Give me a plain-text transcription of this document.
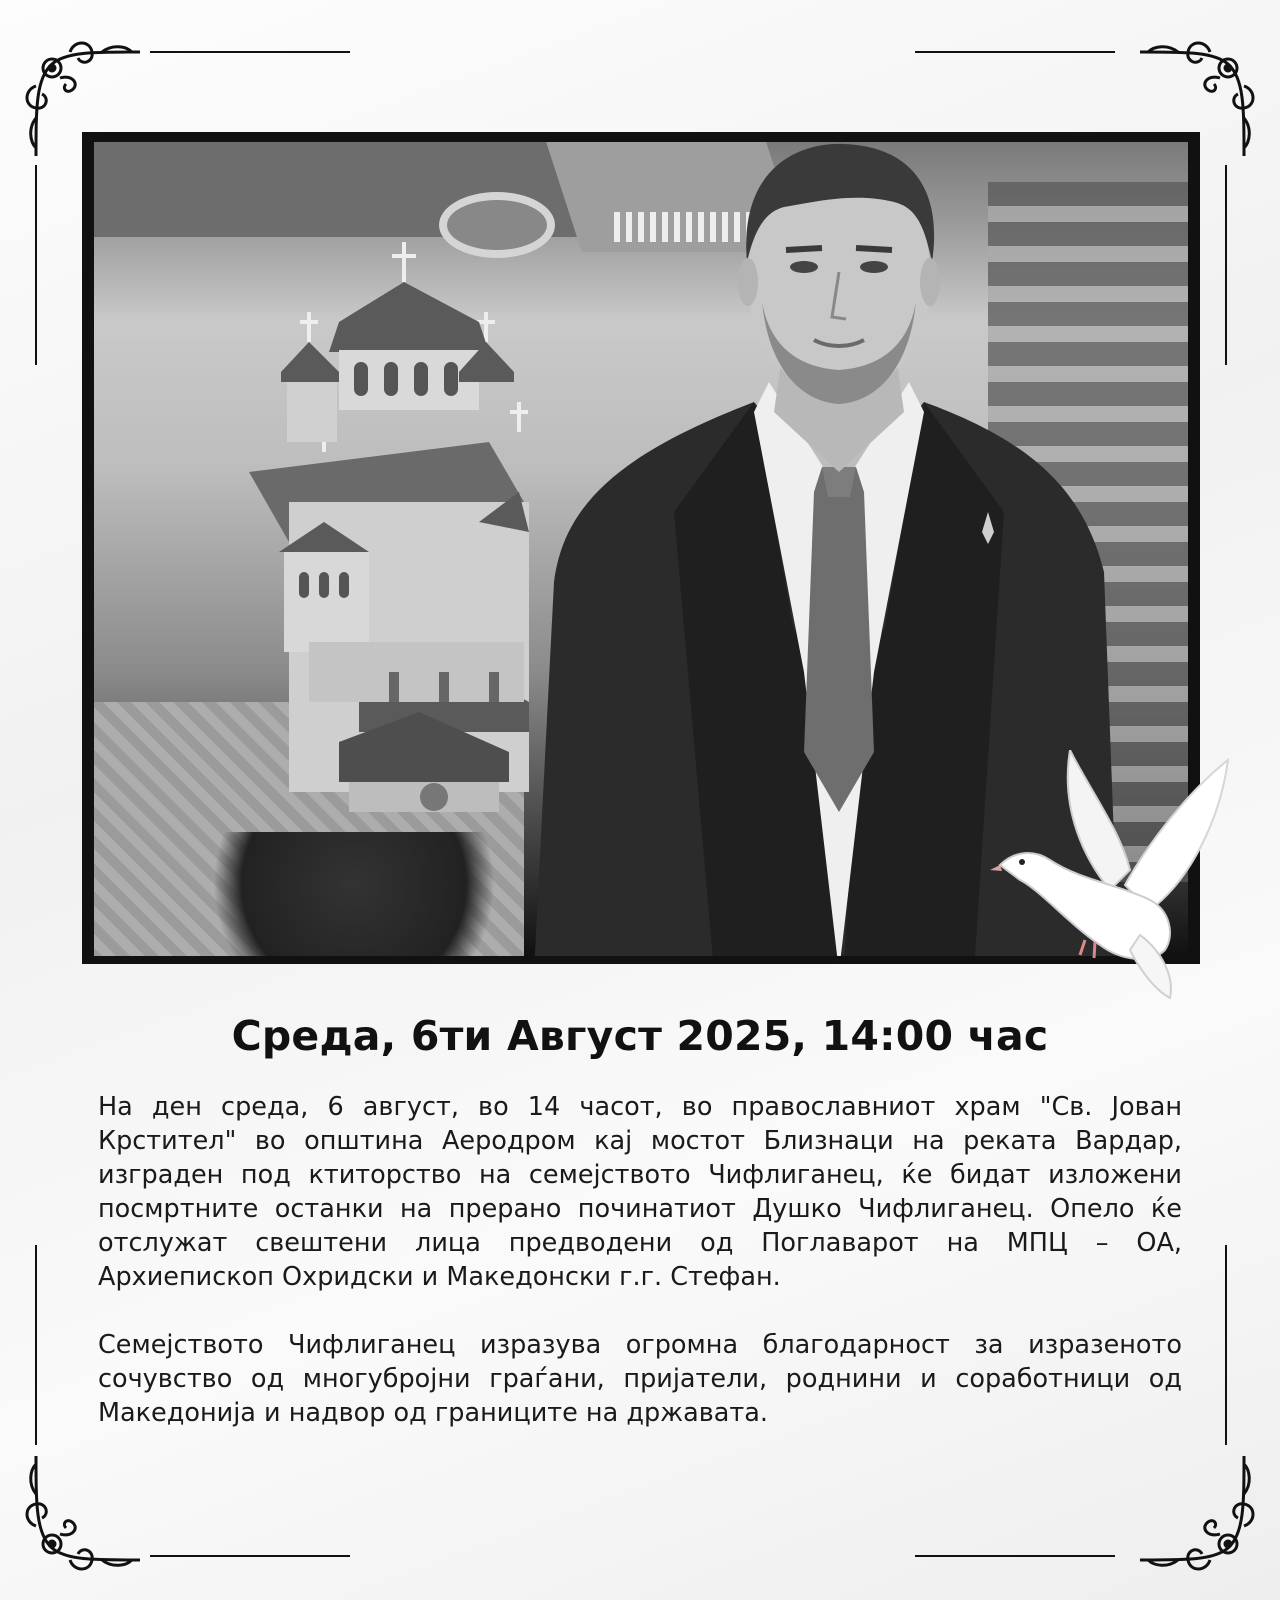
Среда, 6ти Август 2025, 14:00 час

На ден среда, 6 август, во 14 часот, во православниот храм "Св. Јован Крстител" во општина Аеродром кај мостот Близнаци на реката Вардар, изграден под ктиторство на семејството Чифлиганец, ќе бидат изложени посмртните останки на прерано починатиот Душко Чифлиганец. Опело ќе отслужат свештени лица предводени од Поглаварот на МПЦ – ОА, Архиепископ Охридски и Македонски г.г. Стефан.

Семејството Чифлиганец изразува огромна благодарност за изразеното сочувство од многубројни граѓани, пријатели, роднини и соработници од Македонија и надвор од границите на државата.
